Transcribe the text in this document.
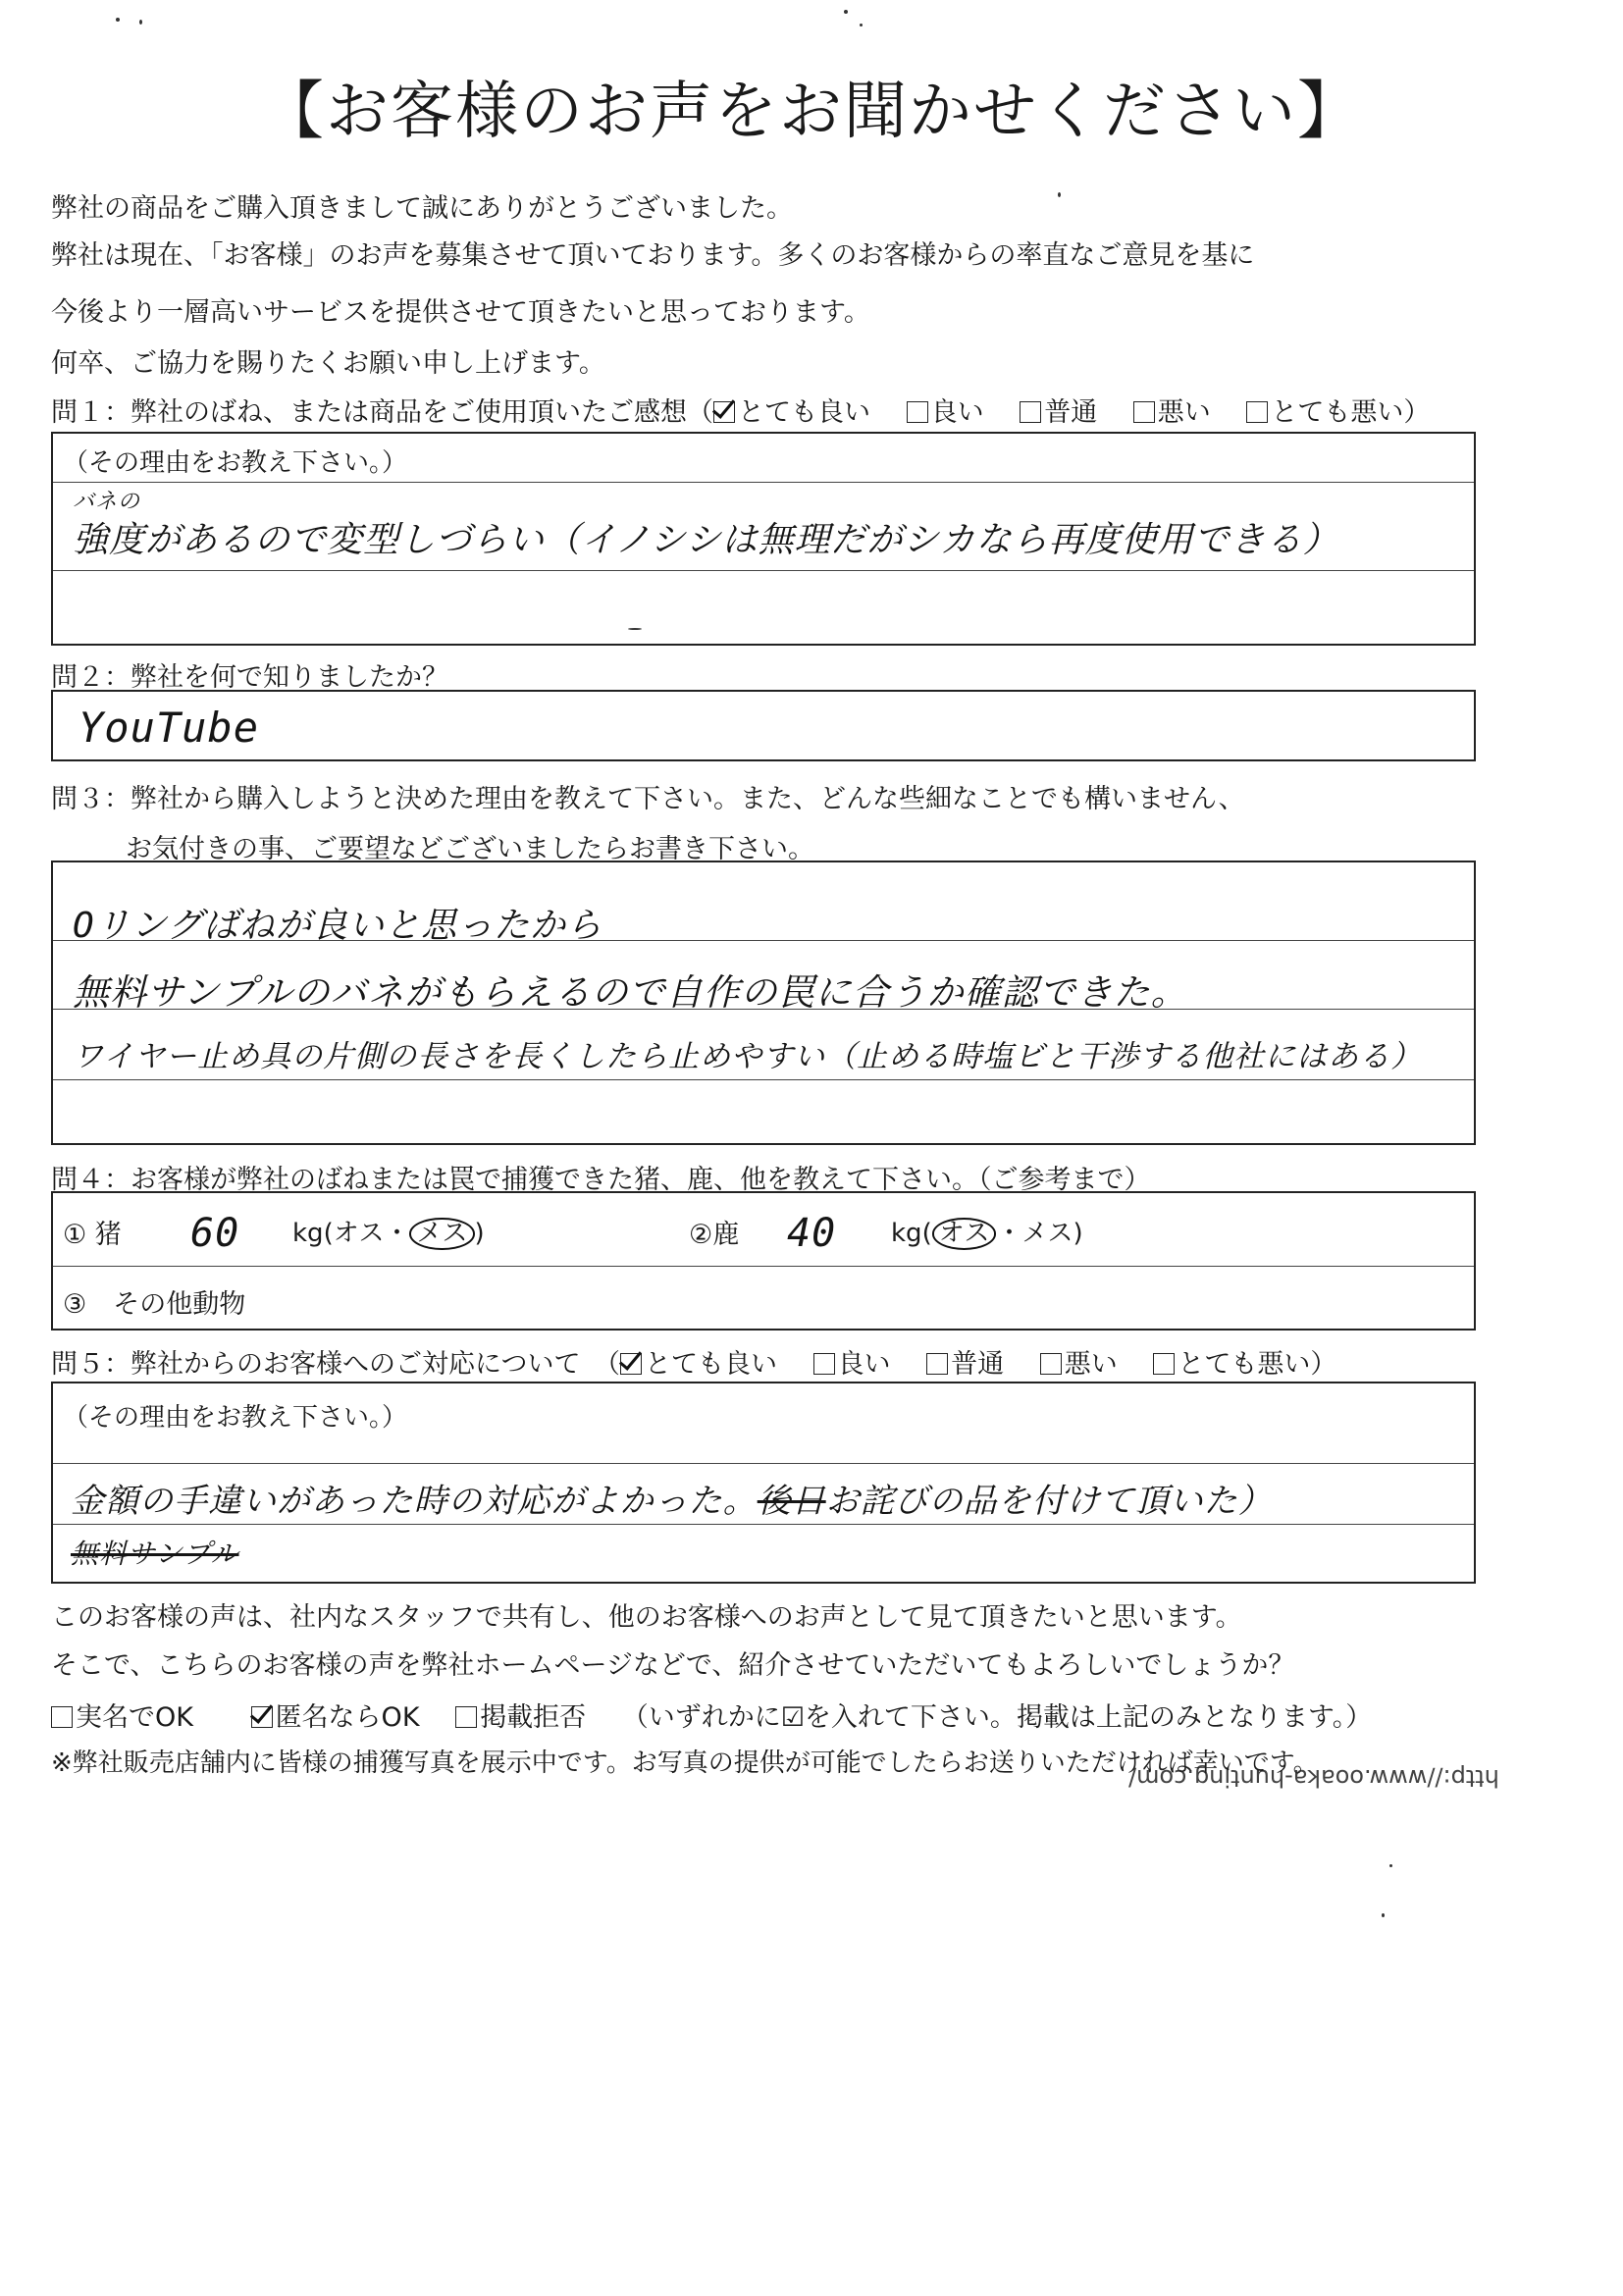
【お客様のお声をお聞かせください】
弊社の商品をご購入頂きまして誠にありがとうございました。
弊社は現在、「お客様」のお声を募集させて頂いております。多くのお客様からの率直なご意見を基に
今後より一層高いサービスを提供させて頂きたいと思っております。
何卒、ご協力を賜りたくお願い申し上げます。
問１：弊社のばね、または商品をご使用頂いたご感想（ とても良い 良い 普通 悪い とても悪い）
（その理由をお教え下さい。）
バネの
強度があるので変型しづらい（イノシシは無理だがシカなら再度使用できる）
問２：弊社を何で知りましたか？
YouTube
問３：弊社から購入しようと決めた理由を教えて下さい。また、どんな些細なことでも構いません、
お気付きの事、ご要望などございましたらお書き下さい。
Oリングばねが良いと思ったから
無料サンプルのバネがもらえるので自作の罠に合うか確認できた。
ワイヤー止め具の片側の長さを長くしたら止めやすい（止める時塩ビと干渉する他社にはある）
問４：お客様が弊社のばねまたは罠で捕獲できた猪、鹿、他を教えて下さい。（ご参考まで）
① 猪 60 kg(オス・ メス )	②鹿 40 kg( オス ・メス)
③　その他動物
問５：弊社からのお客様へのご対応について　（ とても良い 良い 普通 悪い とても悪い）
（その理由をお教え下さい。）
金額の手違いがあった時の対応がよかった。後日お詫びの品を付けて頂いた）
無料サンプル
このお客様の声は、社内なスタッフで共有し、他のお客様へのお声として見て頂きたいと思います。
そこで、こちらのお客様の声を弊社ホームページなどで、紹介させていただいてもよろしいでしょうか？
実名でOK	匿名ならOK 掲載拒否 （いずれかに☑を入れて下さい。掲載は上記のみとなります。）
※弊社販売店舗内に皆様の捕獲写真を展示中です。お写真の提供が可能でしたらお送りいただければ幸いです。
http://www.ooaka-hunting.com/
